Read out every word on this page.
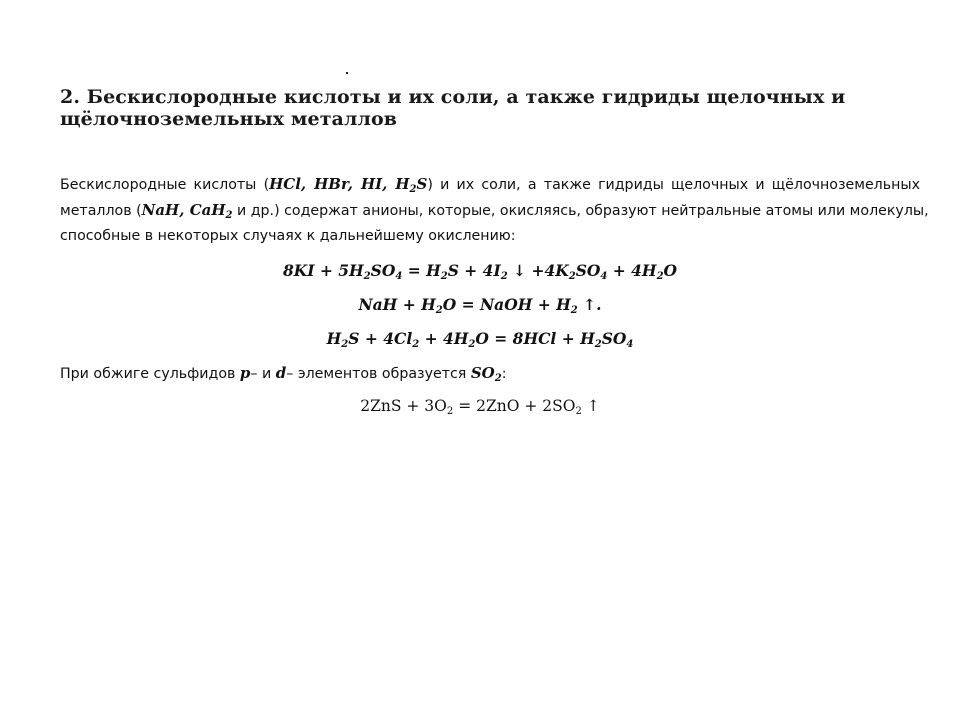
2. Бескислородные кислоты и их соли, а также гидриды щелочных и
щёлочноземельных металлов
Бескислородные кислоты (HCl, HBr, HI, $H_2S$) и их соли, а также гидриды щелочных и щёлочноземельных
металлов (NaH, CaH$_2$ и др.) содержат анионы, которые, окисляясь, образуют нейтральные атомы или молекулы,
способные в некоторых случаях к дальнейшему окислению:
$8KI + 5H_2SO_4 = H_2S + 4I_2$ ↓ $+4K_2SO_4 + 4H_2O$
NaH + $H_2O$ = NaOH + $H_2$ ↑.
$H_2S + 4Cl_2 + 4H_2O = 8HCl + H_2SO_4$
При обжиге сульфидов p– и d– элементов образуется $SO_2$:
$2ZnS + 3O_2 = 2ZnO + 2SO_2$ ↑
